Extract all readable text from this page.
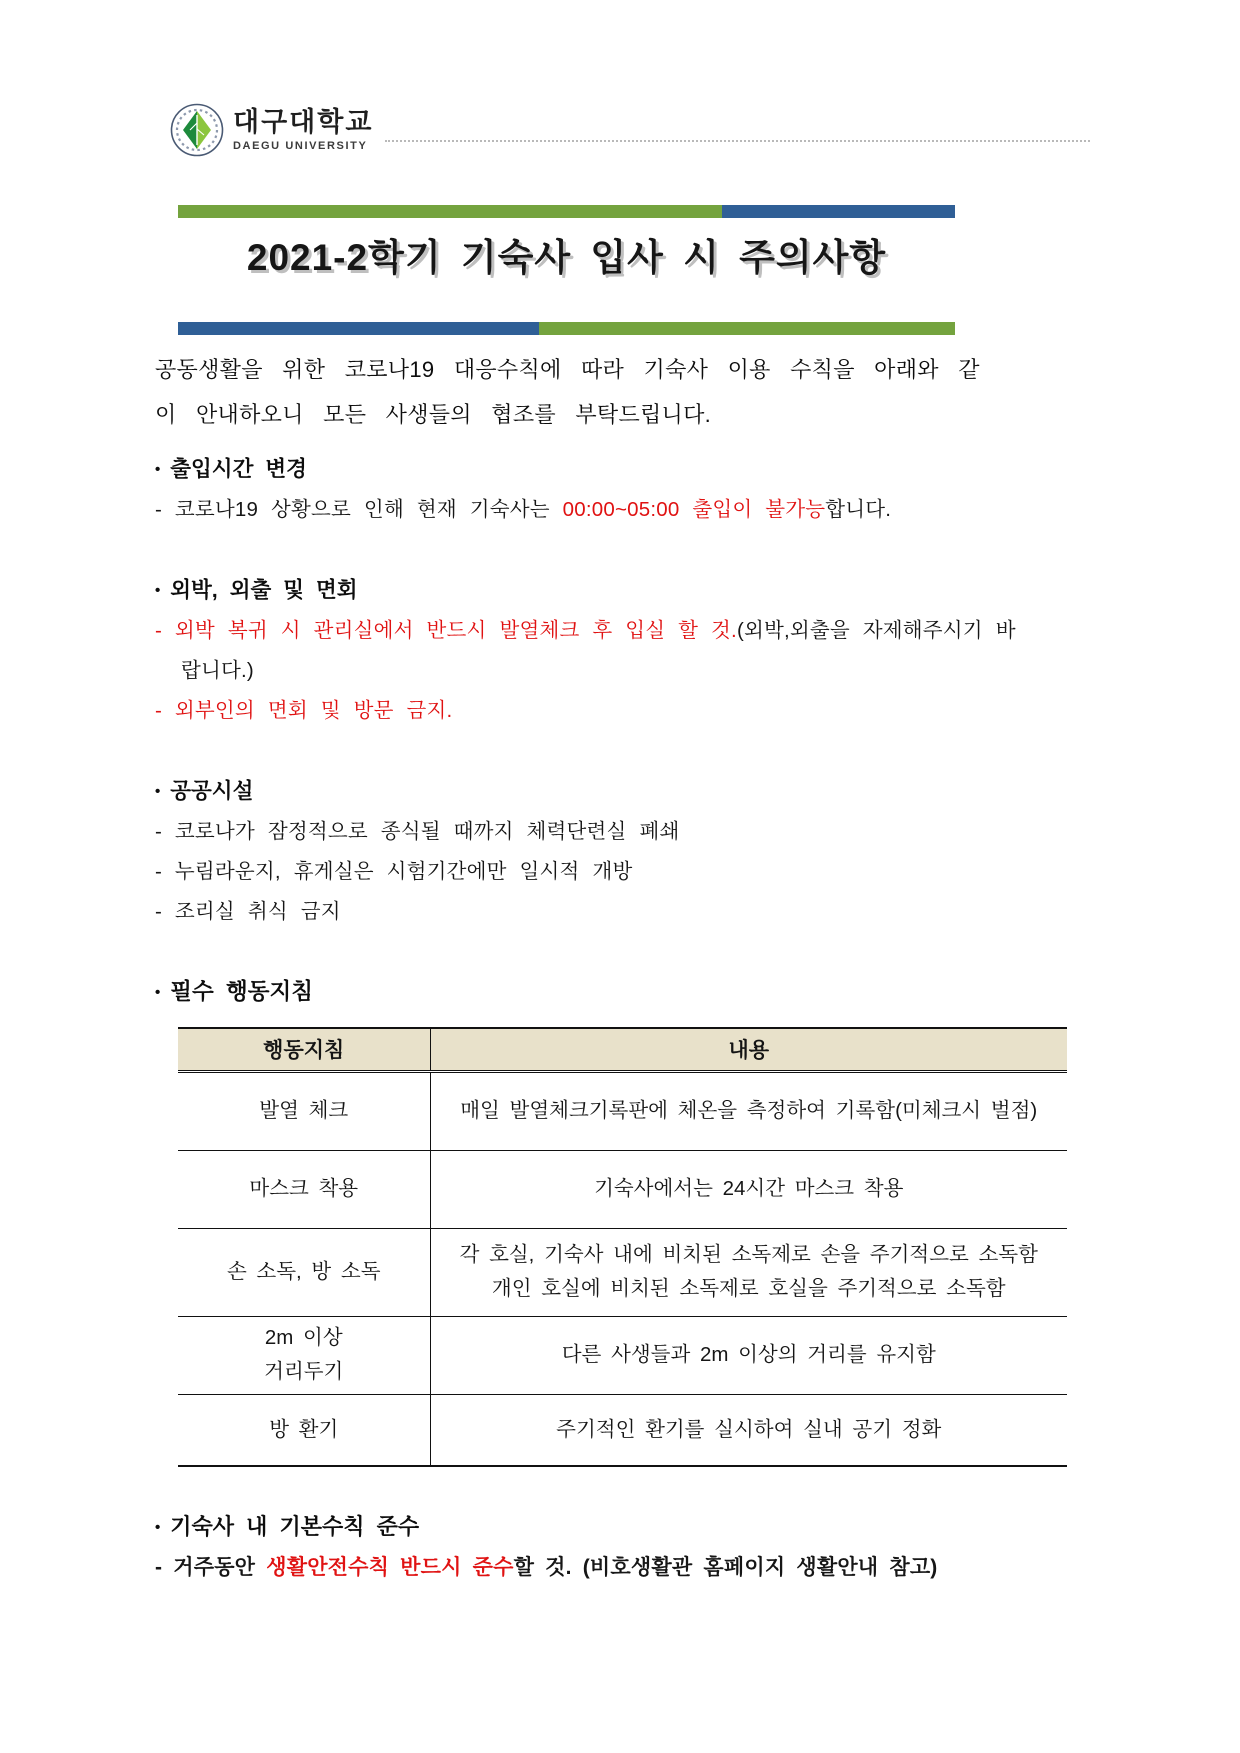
대구대학교
DAEGU UNIVERSITY
2021-2학기 기숙사 입사 시 주의사항
공동생활을 위한 코로나19 대응수칙에 따라 기숙사 이용 수칙을 아래와 같
이 안내하오니 모든 사생들의 협조를 부탁드립니다.
• 출입시간 변경
- 코로나19 상황으로 인해 현재 기숙사는 00:00~05:00 출입이 불가능합니다.
• 외박, 외출 및 면회
- 외박 복귀 시 관리실에서 반드시 발열체크 후 입실 할 것.(외박,외출을 자제해주시기 바
랍니다.)
- 외부인의 면회 및 방문 금지.
• 공공시설
- 코로나가 잠정적으로 종식될 때까지 체력단련실 폐쇄
- 누림라운지, 휴게실은 시험기간에만 일시적 개방
- 조리실 취식 금지
• 필수 행동지침
행동지침	내용

발열 체크	매일 발열체크기록판에 체온을 측정하여 기록함(미체크시 벌점)

마스크 착용	기숙사에서는 24시간 마스크 착용

손 소독, 방 소독	각 호실, 기숙사 내에 비치된 소독제로 손을 주기적으로 소독함
개인 호실에 비치된 소독제로 호실을 주기적으로 소독함

2m 이상
거리두기	다른 사생들과 2m 이상의 거리를 유지함

방 환기	주기적인 환기를 실시하여 실내 공기 정화
• 기숙사 내 기본수칙 준수
- 거주동안 생활안전수칙 반드시 준수할 것. (비호생활관 홈페이지 생활안내 참고)
